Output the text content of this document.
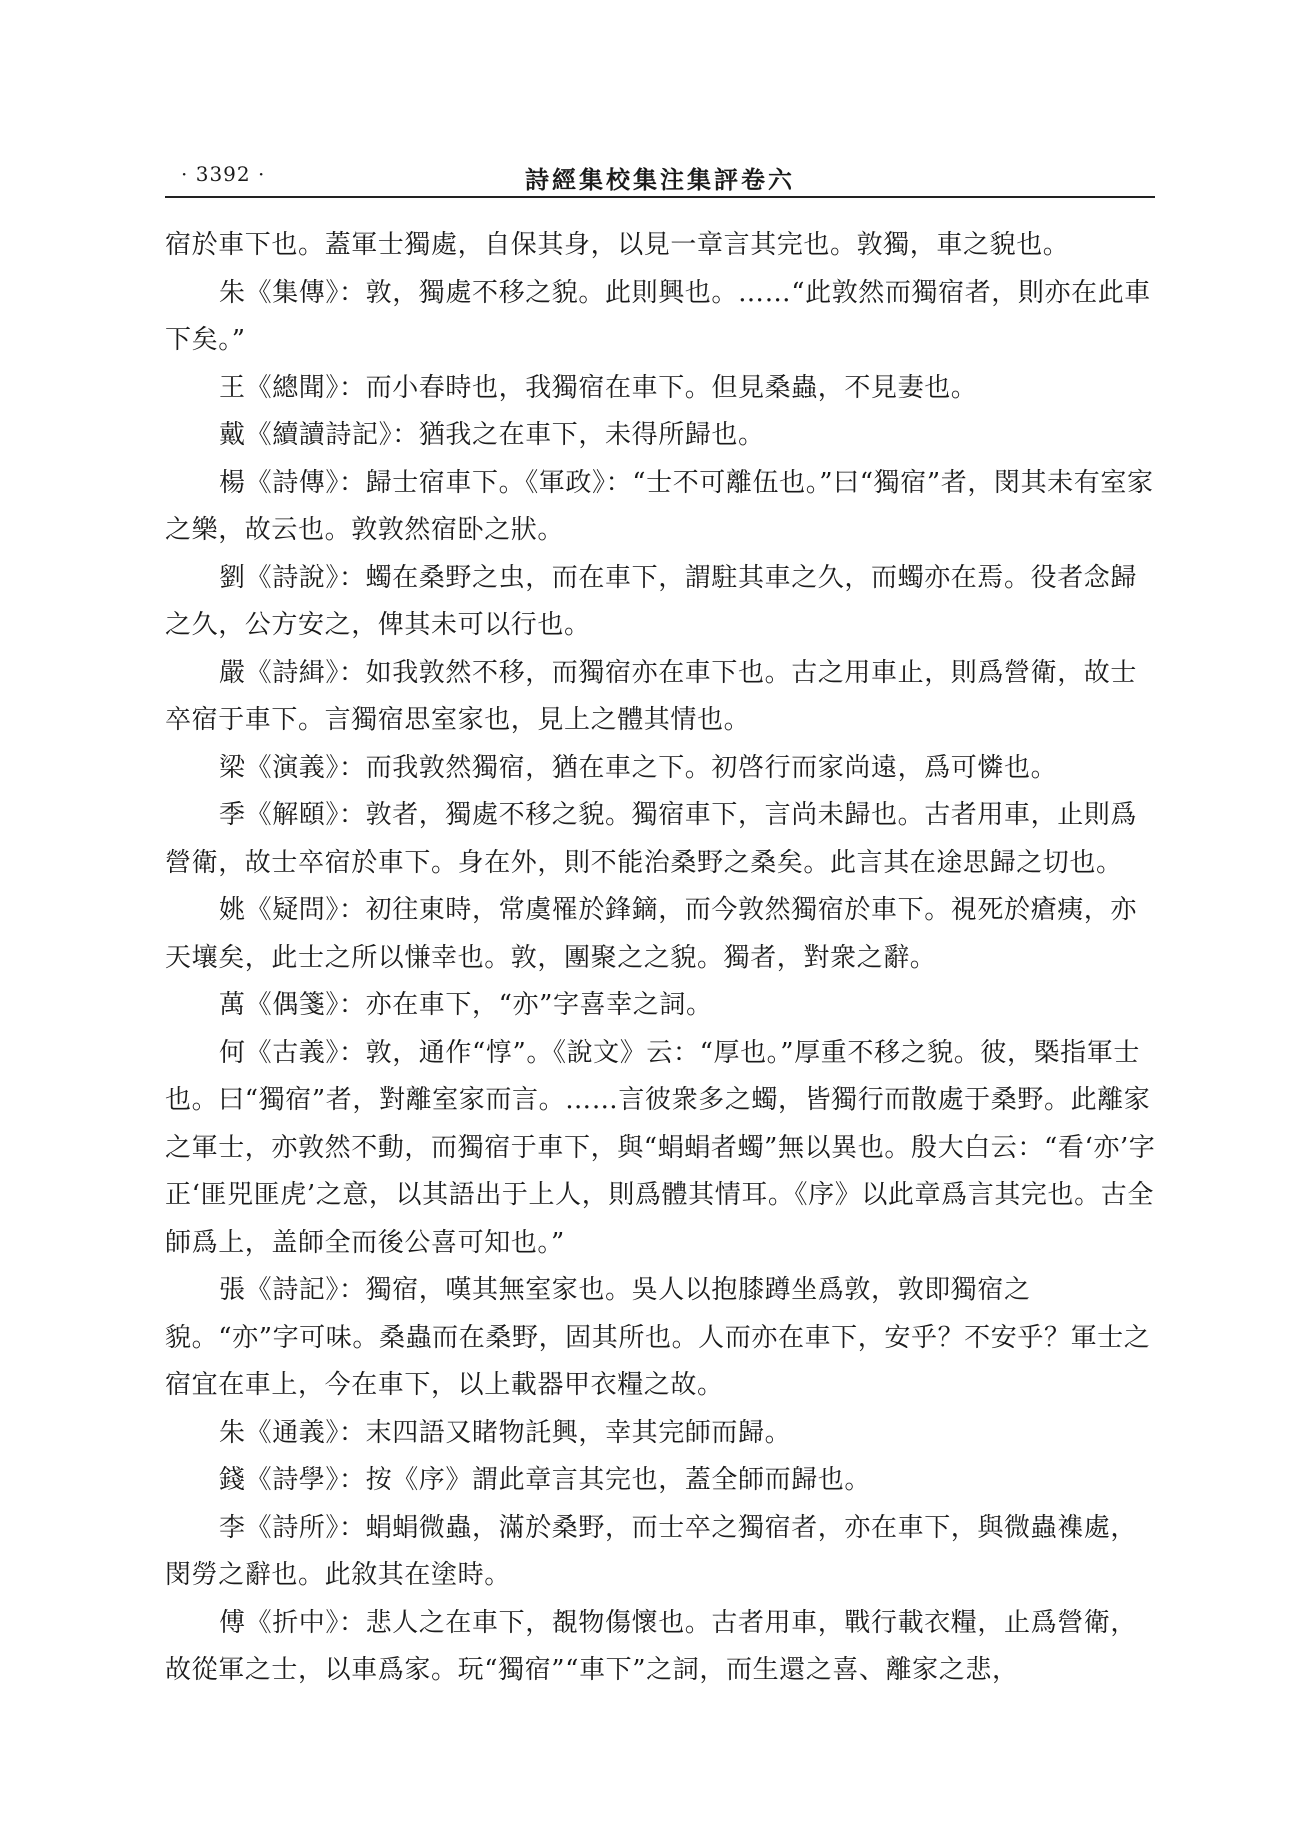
· 3392 ·	詩經集校集注集評卷六

宿於車下也。蓋軍士獨處，自保其身，以見一章言其完也。敦獨，車之貌也。

朱《集傳》：敦，獨處不移之貌。此則興也。……“此敦然而獨宿者，則亦在此車下矣。”

王《總聞》：而小春時也，我獨宿在車下。但見桑蟲，不見妻也。

戴《續讀詩記》：猶我之在車下，未得所歸也。

楊《詩傳》：歸士宿車下。《軍政》：“士不可離伍也。”曰“獨宿”者，閔其未有室家之樂，故云也。敦敦然宿卧之狀。

劉《詩說》：蠋在桑野之虫，而在車下，謂駐其車之久，而蠋亦在焉。役者念歸之久，公方安之，俾其未可以行也。

嚴《詩緝》：如我敦然不移，而獨宿亦在車下也。古之用車止，則爲營衛，故士卒宿于車下。言獨宿思室家也，見上之體其情也。

梁《演義》：而我敦然獨宿，猶在車之下。初啓行而家尚遠，爲可憐也。

季《解頤》：敦者，獨處不移之貌。獨宿車下，言尚未歸也。古者用車，止則爲營衛，故士卒宿於車下。身在外，則不能治桑野之桑矣。此言其在途思歸之切也。

姚《疑問》：初往東時，常虞罹於鋒鏑，而今敦然獨宿於車下。視死於瘡痍，亦天壤矣，此士之所以慊幸也。敦，團聚之之貌。獨者，對衆之辭。

萬《偶箋》：亦在車下，“亦”字喜幸之詞。

何《古義》：敦，通作“惇”。《說文》云：“厚也。”厚重不移之貌。彼，槩指軍士也。曰“獨宿”者，對離室家而言。……言彼衆多之蠋，皆獨行而散處于桑野。此離家之軍士，亦敦然不動，而獨宿于車下，與“蜎蜎者蠋”無以異也。殷大白云：“看‘亦’字正‘匪兕匪虎’之意，以其語出于上人，則爲體其情耳。《序》以此章爲言其完也。古全師爲上，盖師全而後公喜可知也。”

張《詩記》：獨宿，嘆其無室家也。吳人以抱膝蹲坐爲敦，敦即獨宿之貌。“亦”字可味。桑蟲而在桑野，固其所也。人而亦在車下，安乎？不安乎？軍士之宿宜在車上，今在車下，以上載器甲衣糧之故。

朱《通義》：末四語又睹物託興，幸其完師而歸。

錢《詩學》：按《序》謂此章言其完也，蓋全師而歸也。

李《詩所》：蜎蜎微蟲，滿於桑野，而士卒之獨宿者，亦在車下，與微蟲襍處，閔勞之辭也。此敘其在塗時。

傅《折中》：悲人之在車下，覩物傷懷也。古者用車，戰行載衣糧，止爲營衛，故從軍之士，以車爲家。玩“獨宿”“車下”之詞，而生還之喜、離家之悲，
